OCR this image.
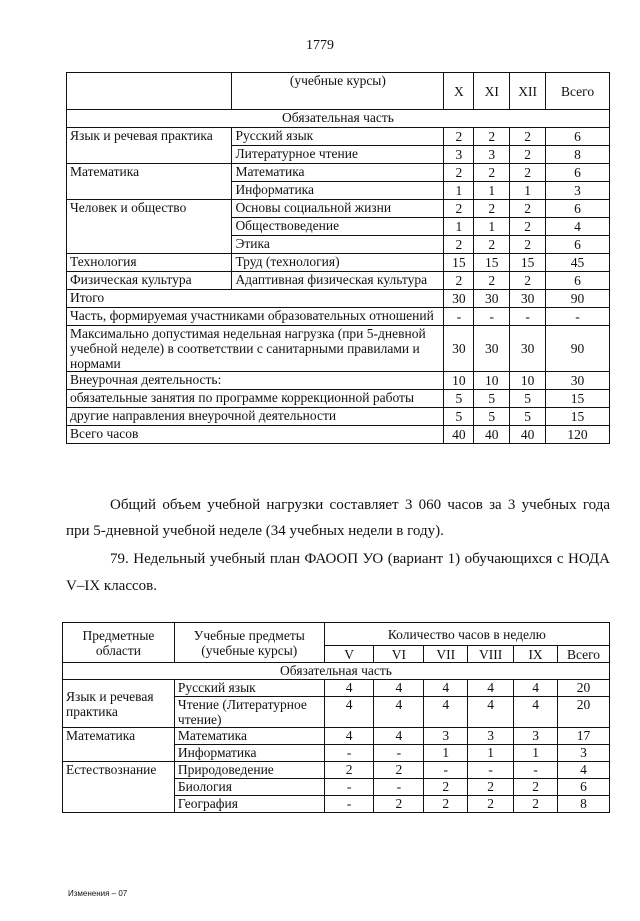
1779
	(учебные курсы)	X	XI	XII	Всего
Обязательная часть					
Язык и речевая практика	Русский язык	2	2	2	6
	Литературное чтение	3	3	2	8
Математика	Математика	2	2	2	6
	Информатика	1	1	1	3
Человек и общество	Основы социальной жизни	2	2	2	6
	Обществоведение	1	1	2	4
	Этика	2	2	2	6
Технология	Труд (технология)	15	15	15	45
Физическая культура	Адаптивная физическая культура	2	2	2	6
Итого		30	30	30	90
Часть, формируемая участниками образовательных отношений		-	-	-	-
Максимально допустимая недельная нагрузка (при 5-дневной учебной неделе) в соответствии с санитарными правилами и нормами		30	30	30	90
Внеурочная деятельность:		10	10	10	30
обязательные занятия по программе коррекционной работы		5	5	5	15
другие направления внеурочной деятельности		5	5	5	15
Всего часов		40	40	40	120
Общий объем учебной нагрузки составляет 3 060 часов за 3 учебных года
при 5-дневной учебной неделе (34 учебных недели в году).
79. Недельный учебный план ФАООП УО (вариант 1) обучающихся с НОДА
V–IX классов.
Предметные области	Учебные предметы (учебные курсы)	Количество часов в неделю					
		V	VI	VII	VIII	IX	Всего
Обязательная часть							
Язык и речевая практика	Русский язык	4	4	4	4	4	20
	Чтение (Литературное чтение)	4	4	4	4	4	20
Математика	Математика	4	4	3	3	3	17
	Информатика	-	-	1	1	1	3
Естествознание	Природоведение	2	2	-	-	-	4
	Биология	-	-	2	2	2	6
	География	-	2	2	2	2	8
Изменения – 07
